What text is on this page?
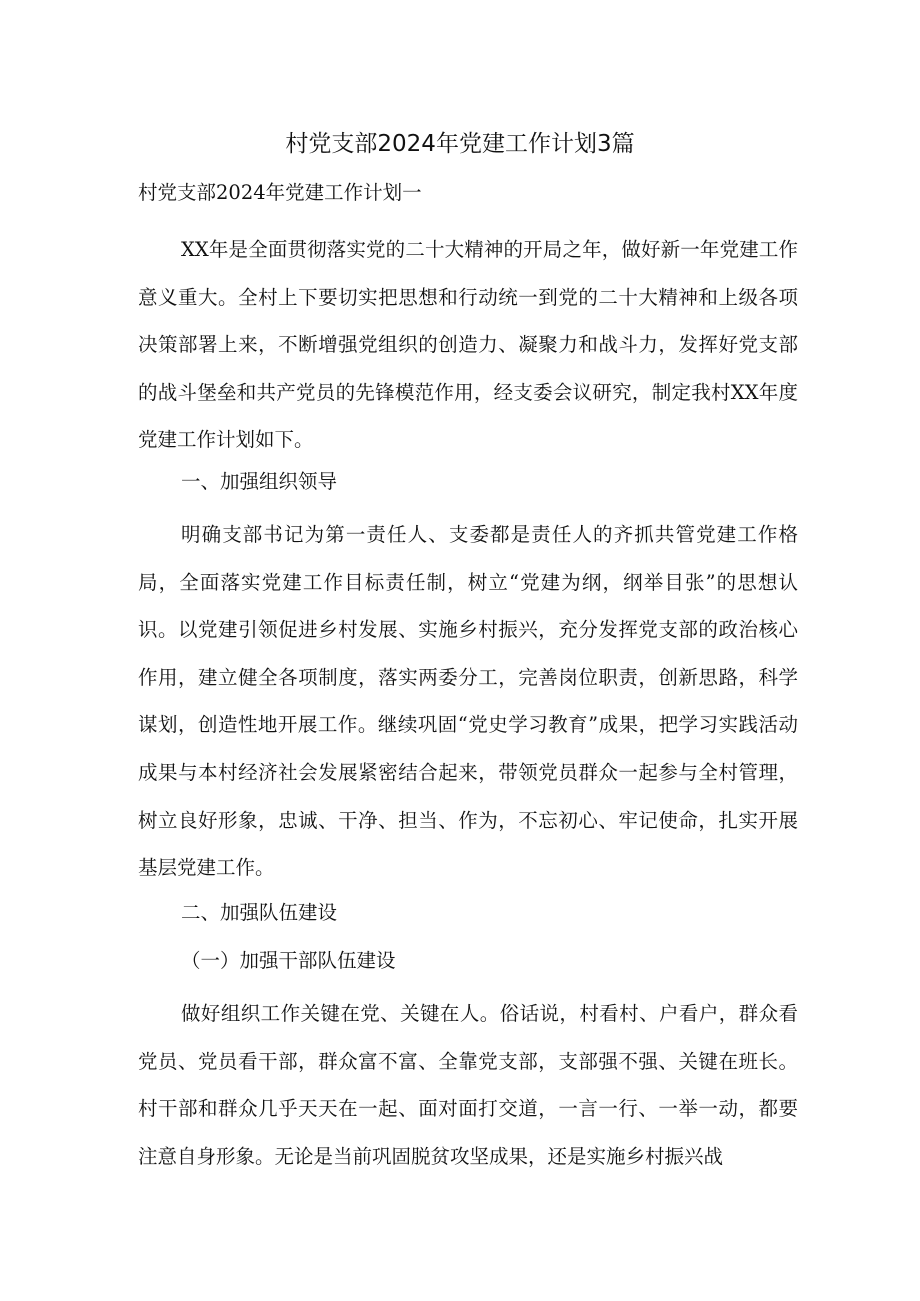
村党支部2024年党建工作计划3篇
村党支部2024年党建工作计划一

XX年是全面贯彻落实党的二十大精神的开局之年，做好新一年党建工作意义重大。全村上下要切实把思想和行动统一到党的二十大精神和上级各项决策部署上来，不断增强党组织的创造力、凝聚力和战斗力，发挥好党支部的战斗堡垒和共产党员的先锋模范作用，经支委会议研究，制定我村XX年度党建工作计划如下。

一、加强组织领导

明确支部书记为第一责任人、支委都是责任人的齐抓共管党建工作格局，全面落实党建工作目标责任制，树立“党建为纲，纲举目张”的思想认识。以党建引领促进乡村发展、实施乡村振兴，充分发挥党支部的政治核心作用，建立健全各项制度，落实两委分工，完善岗位职责，创新思路，科学谋划，创造性地开展工作。继续巩固“党史学习教育”成果，把学习实践活动成果与本村经济社会发展紧密结合起来，带领党员群众一起参与全村管理，树立良好形象，忠诚、干净、担当、作为，不忘初心、牢记使命，扎实开展基层党建工作。

二、加强队伍建设

（一）加强干部队伍建设

做好组织工作关键在党、关键在人。俗话说，村看村、户看户，群众看党员、党员看干部，群众富不富、全靠党支部，支部强不强、关键在班长。村干部和群众几乎天天在一起、面对面打交道，一言一行、一举一动，都要注意自身形象。无论是当前巩固脱贫攻坚成果，还是实施乡村振兴战
